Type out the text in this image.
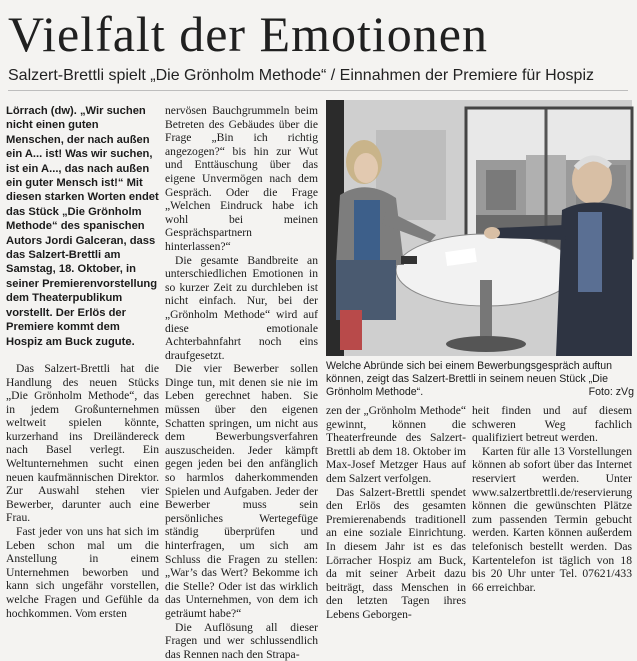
Vielfalt der Emotionen
Salzert-Brettli spielt „Die Grönholm Methode“ / Einnahmen der Premiere für Hospiz

Lörrach (dw). „Wir suchen nicht einen guten Menschen, der nach außen ein A... ist! Was wir suchen, ist ein A..., das nach außen ein guter Mensch ist!“ Mit diesen starken Worten endet das Stück „Die Grönholm Methode“ des spanischen Autors Jordi Galceran, dass das Salzert-Brettli am Samstag, 18. Oktober, in seiner Premierenvorstellung dem Theaterpublikum vorstellt. Der Erlös der Premiere kommt dem Hospiz am Buck zugute.

Das Salzert-Brettli hat die Handlung des neuen Stücks „Die Grönholm Methode“, das in jedem Großunternehmen weltweit spielen könnte, kurzerhand ins Dreiländereck nach Basel verlegt. Ein Weltunternehmen sucht einen neuen kaufmännischen Direktor. Zur Auswahl stehen vier Bewerber, darunter auch eine Frau.

Fast jeder von uns hat sich im Leben schon mal um die Anstellung in einem Unternehmen beworben und kann sich ungefähr vorstellen, welche Fragen und Gefühle da hochkommen. Vom ersten

nervösen Bauchgrummeln beim Betreten des Gebäudes über die Frage „Bin ich richtig angezogen?“ bis hin zur Wut und Enttäuschung über das eigene Unvermögen nach dem Gespräch. Oder die Frage „Welchen Eindruck habe ich wohl bei meinen Gesprächspartnern hinterlassen?“

Die gesamte Bandbreite an unterschiedlichen Emotionen in so kurzer Zeit zu durchleben ist nicht einfach. Nur, bei der „Grönholm Methode“ wird auf diese emotionale Achterbahnfahrt noch eins draufgesetzt.

Die vier Bewerber sollen Dinge tun, mit denen sie nie im Leben gerechnet haben. Sie müssen über den eigenen Schatten springen, um nicht aus dem Bewerbungsverfahren auszuscheiden. Jeder kämpft gegen jeden bei den anfänglich so harmlos daherkommenden Spielen und Aufgaben. Jeder der Bewerber muss sein persönliches Wertegefüge ständig überprüfen und hinterfragen, um sich am Schluss die Fragen zu stellen: „War’s das Wert? Bekomme ich die Stelle? Oder ist das wirklich das Unternehmen, von dem ich geträumt habe?“

Die Auflösung all dieser Fragen und wer schlussendlich das Rennen nach den Strapa-

Welche Abründe sich bei einem Bewerbungsgespräch auftun können, zeigt das Salzert-Brettli in seinem neuen Stück „Die Grönholm Methode“.	Foto: zVg

zen der „Grönholm Methode“ gewinnt, können die Theaterfreunde des Salzert-Brettli ab dem 18. Oktober im Max-Josef Metzger Haus auf dem Salzert verfolgen.

Das Salzert-Brettli spendet den Erlös des gesamten Premierenabends traditionell an eine soziale Einrichtung. In diesem Jahr ist es das Lörracher Hospiz am Buck, da mit seiner Arbeit dazu beiträgt, dass Menschen in den letzten Tagen ihres Lebens Geborgen-

heit finden und auf diesem schweren Weg fachlich qualifiziert betreut werden.

Karten für alle 13 Vorstellungen können ab sofort über das Internet reserviert werden. Unter www.salzertbrettli.de/reservierung können die gewünschten Plätze zum passenden Termin gebucht werden. Karten können außerdem telefonisch bestellt werden. Das Kartentelefon ist täglich von 18 bis 20 Uhr unter Tel. 07621/433 66 erreichbar.
